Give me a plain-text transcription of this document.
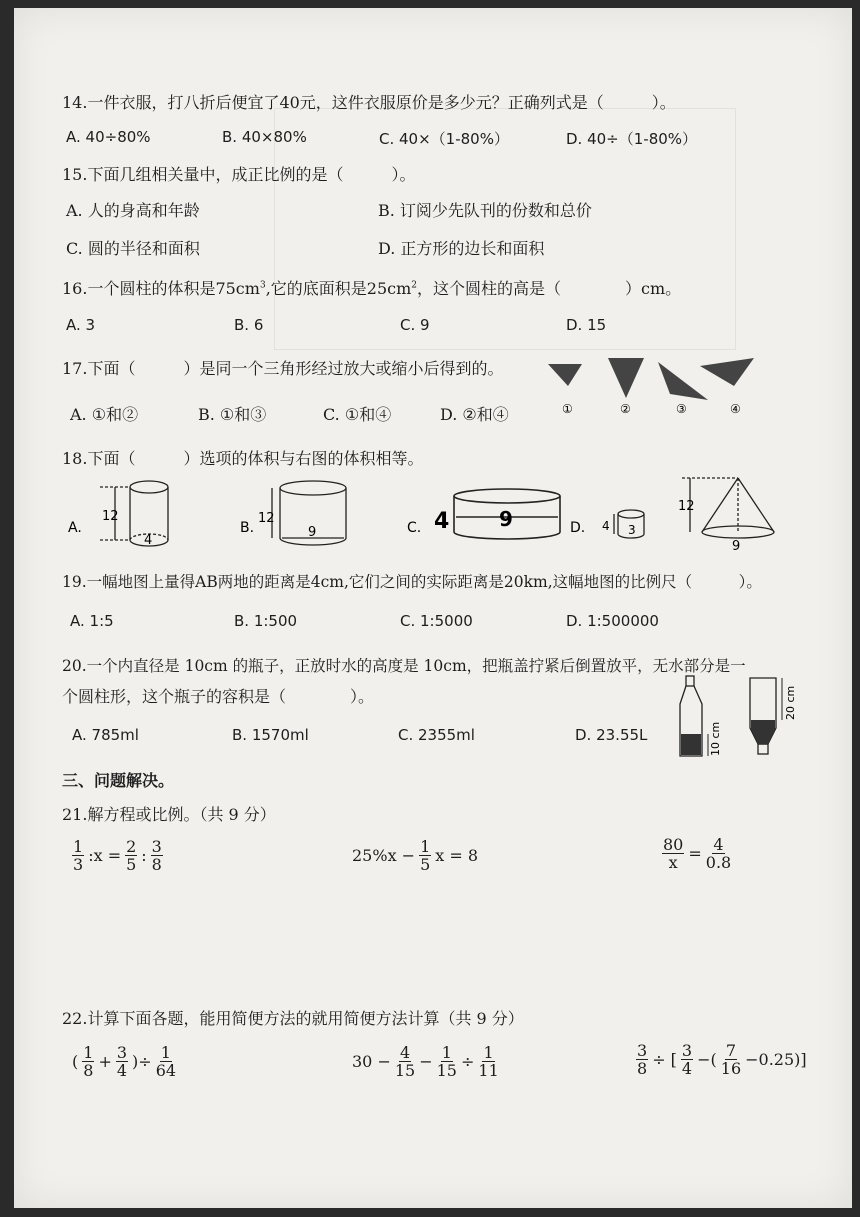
14.一件衣服，打八折后便宜了40元，这件衣服原价是多少元？正确列式是（　　　）。
A. 40÷80%	B. 40×80%	C. 40×（1-80%）	D. 40÷（1-80%）
15.下面几组相关量中，成正比例的是（　　　）。
A. 人的身高和年龄	B. 订阅少先队刊的份数和总价
C. 圆的半径和面积	D. 正方形的边长和面积
16.一个圆柱的体积是$75cm^3$,它的底面积是$25cm^2$，这个圆柱的高是（　　　　）cm。
A. 3	B. 6	C. 9	D. 15
17.下面（　　　）是同一个三角形经过放大或缩小后得到的。
A. ①和②	B. ①和③	C. ①和④	D. ②和④	①	②	③	④
18.下面（　　　）选项的体积与右图的体积相等。
A.
12
4
B.
12
9	C. 4 9	D. 4 3
12
9
19.一幅地图上量得AB两地的距离是4cm,它们之间的实际距离是20km,这幅地图的比例尺（　　　）。
A. 1:5	B. 1:500	C. 1:5000	D. 1:500000
20.一个内直径是 10cm 的瓶子，正放时水的高度是 10cm，把瓶盖拧紧后倒置放平，无水部分是一
个圆柱形，这个瓶子的容积是（　　　　）。
A. 785ml	B. 1570ml	C. 2355ml	D. 23.55L	10 cm
20 cm
三、问题解决。
21.解方程或比例。（共 9 分）
$\frac{1}{3}$ :x = $\frac{2}{5}$ : $\frac{3}{8}$	$25\%x - \frac{1}{5}$ x = 8	$\frac{80}{x} = \frac{4}{0.8}$
22.计算下面各题，能用简便方法的就用简便方法计算（共 9 分）
( $\frac{1}{8} + \frac{3}{4}$ )÷ $\frac{1}{64}$	$30 - \frac{4}{15} - \frac{1}{15} \div \frac{1}{11}$	$\frac{3}{8}$ ÷ [ $\frac{3}{4}$ −( $\frac{7}{16} -0.25$)]
